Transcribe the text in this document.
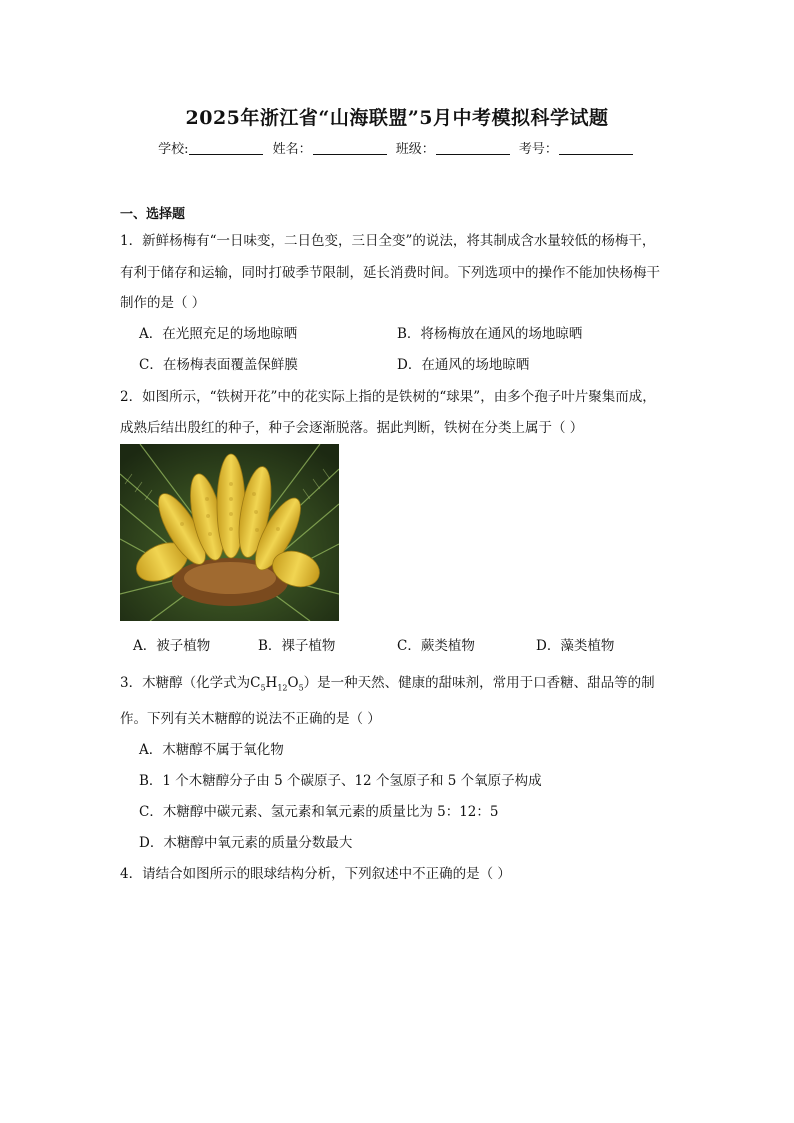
2025年浙江省“山海联盟”5月中考模拟科学试题
学校:	姓名：	班级：	考号：
一、选择题
1．新鲜杨梅有“一日味变，二日色变，三日全变”的说法，将其制成含水量较低的杨梅干，
有利于储存和运输，同时打破季节限制，延长消费时间。下列选项中的操作不能加快杨梅干
制作的是（ ）
A．在光照充足的场地晾晒	B．将杨梅放在通风的场地晾晒
C．在杨梅表面覆盖保鲜膜	D．在通风的场地晾晒
2．如图所示，“铁树开花”中的花实际上指的是铁树的“球果”，由多个孢子叶片聚集而成，
成熟后结出殷红的种子，种子会逐渐脱落。据此判断，铁树在分类上属于（ ）
A．被子植物	B．裸子植物	C．蕨类植物	D．藻类植物
3．木糖醇（化学式为$C_5H_{12}O_5$）是一种天然、健康的甜味剂，常用于口香糖、甜品等的制
作。下列有关木糖醇的说法不正确的是（ ）
A．木糖醇不属于氧化物
B．1 个木糖醇分子由 5 个碳原子、12 个氢原子和 5 个氧原子构成
C．木糖醇中碳元素、氢元素和氧元素的质量比为 5：12：5
D．木糖醇中氧元素的质量分数最大
4．请结合如图所示的眼球结构分析，下列叙述中不正确的是（ ）
